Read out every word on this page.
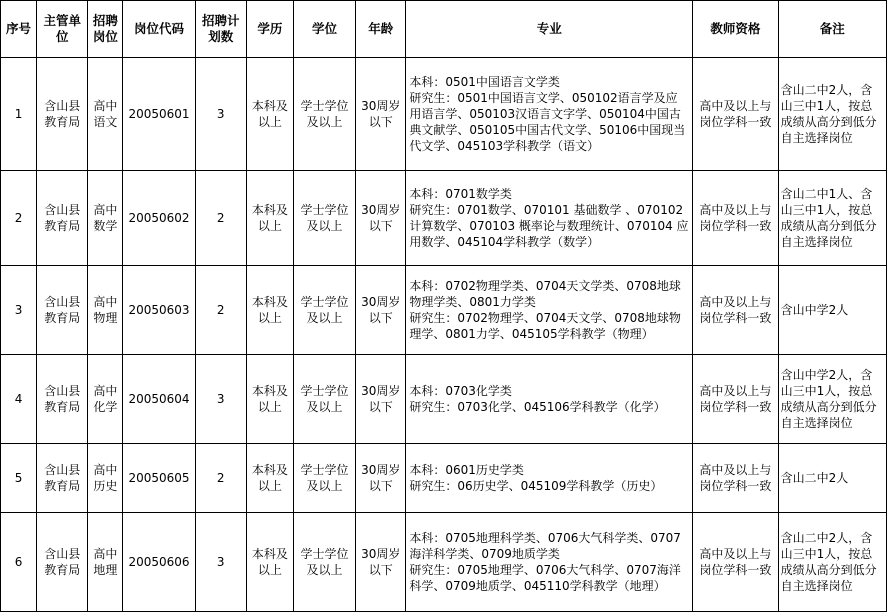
序号	主管单位	招聘岗位	岗位代码	招聘计划数	学历	学位	年龄	专业	教师资格	备注
1	含山县教育局	高中语文	20050601	3	本科及以上	学士学位及以上	30周岁以下	本科：0501中国语言文学类
研究生：0501中国语言文学、050102语言学及应用语言学、050103汉语言文字学、050104中国古典文献学、050105中国古代文学、50106中国现当代文学、045103学科教学（语文）	高中及以上与岗位学科一致	含山二中2人，含山三中1人，按总成绩从高分到低分自主选择岗位
2	含山县教育局	高中数学	20050602	2	本科及以上	学士学位及以上	30周岁以下	本科：0701数学类
研究生：0701数学、070101 基础数学 、070102 计算数学、070103 概率论与数理统计、070104 应用数学、045104学科教学（数学）	高中及以上与岗位学科一致	含山二中1人、含山三中1人，按总成绩从高分到低分自主选择岗位
3	含山县教育局	高中物理	20050603	2	本科及以上	学士学位及以上	30周岁以下	本科：0702物理学类、0704天文学类、0708地球物理学类、0801力学类
研究生：0702物理学、0704天文学、0708地球物理学、0801力学、045105学科教学（物理）	高中及以上与岗位学科一致	含山中学2人
4	含山县教育局	高中化学	20050604	3	本科及以上	学士学位及以上	30周岁以下	本科：0703化学类
研究生：0703化学、045106学科教学（化学）	高中及以上与岗位学科一致	含山中学2人，含山三中1人，按总成绩从高分到低分自主选择岗位
5	含山县教育局	高中历史	20050605	2	本科及以上	学士学位及以上	30周岁以下	本科：0601历史学类
研究生：06历史学、045109学科教学（历史）	高中及以上与岗位学科一致	含山二中2人
6	含山县教育局	高中地理	20050606	3	本科及以上	学士学位及以上	30周岁以下	本科：0705地理科学类、0706大气科学类、0707海洋科学类、0709地质学类
研究生：0705地理学、0706大气科学、0707海洋科学、0709地质学、045110学科教学（地理）	高中及以上与岗位学科一致	含山二中2人，含山三中1人，按总成绩从高分到低分自主选择岗位
